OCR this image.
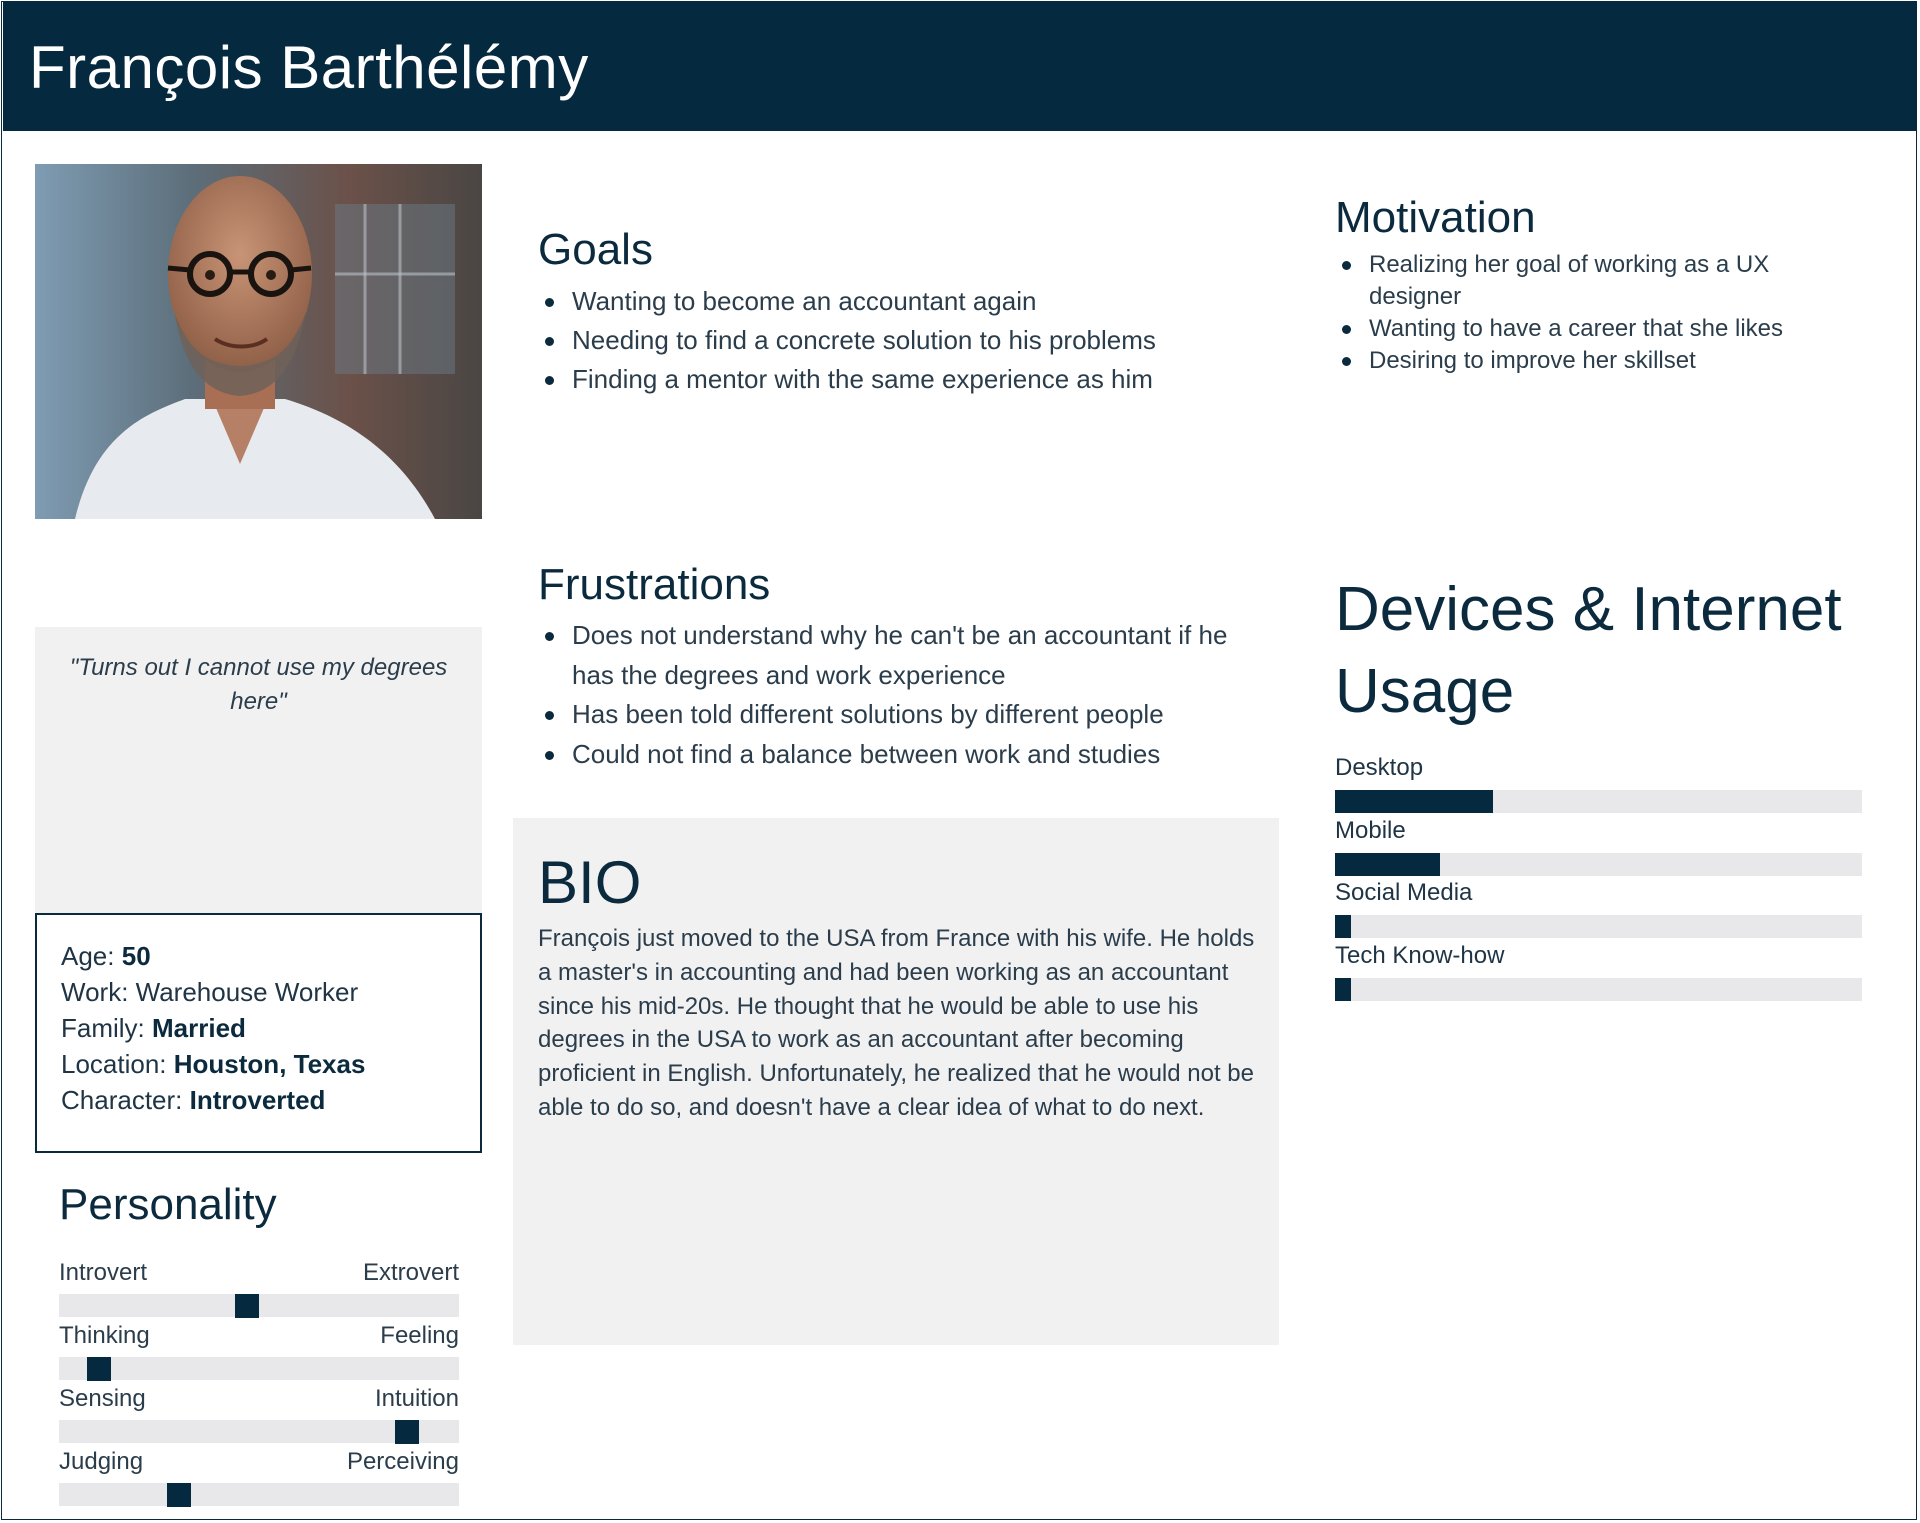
François Barthélémy
"Turns out I cannot use my degrees here"
Age: 50
Work: Warehouse Worker
Family: Married
Location: Houston, Texas
Character: Introverted
Personality
Introvert	Extrovert
Thinking	Feeling
Sensing	Intuition
Judging	Perceiving
Goals
Wanting to become an accountant again
Needing to find a concrete solution to his problems
Finding a mentor with the same experience as him
Motivation
Realizing her goal of working as a UX designer
Wanting to have a career that she likes
Desiring to improve her skillset
Frustrations
Does not understand why he can't be an accountant if he has the degrees and work experience
Has been told different solutions by different people
Could not find a balance between work and studies
BIO
François just moved to the USA from France with his wife. He holds a master's in accounting and had been working as an accountant since his mid-20s. He thought that he would be able to use his degrees in the USA to work as an accountant after becoming proficient in English. Unfortunately, he realized that he would not be able to do so, and doesn't have a clear idea of what to do next.
Devices & Internet Usage
Desktop
Mobile
Social Media
Tech Know-how
